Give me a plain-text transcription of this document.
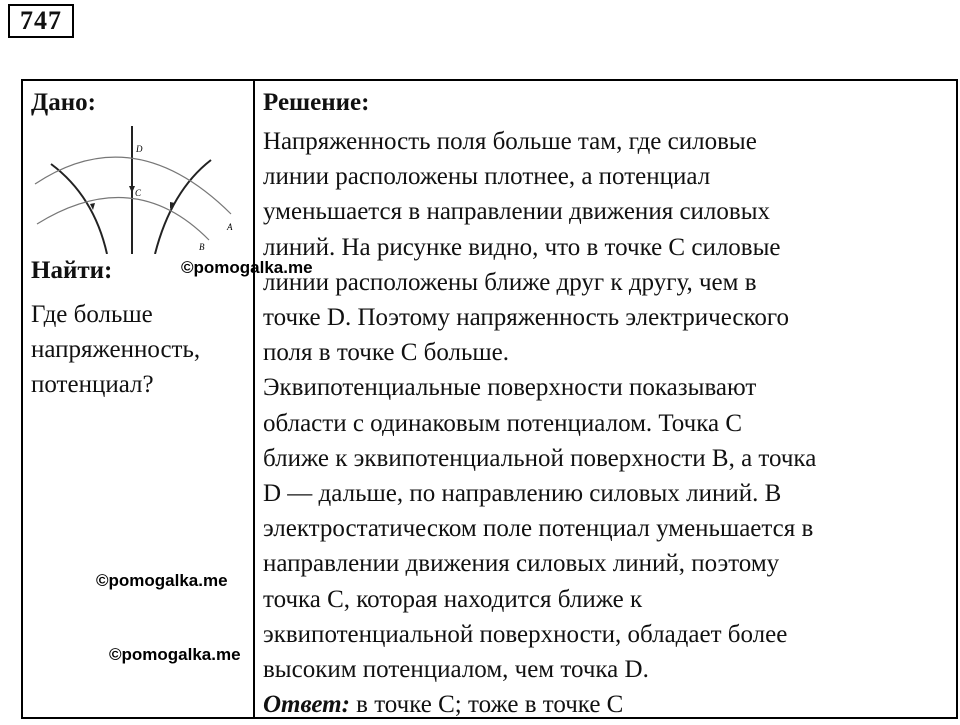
747
Дано:
D
C
A
B
Найти:
Где больше
напряженность,
потенциал?
Решение:
Напряженность поля больше там, где силовые
линии расположены плотнее, а потенциал
уменьшается в направлении движения силовых
линий. На рисунке видно, что в точке С силовые
линии расположены ближе друг к другу, чем в
точке D. Поэтому напряженность электрического
поля в точке С больше.
Эквипотенциальные поверхности показывают
области с одинаковым потенциалом. Точка С
ближе к эквипотенциальной поверхности В, а точка
D — дальше, по направлению силовых линий. В
электростатическом поле потенциал уменьшается в
направлении движения силовых линий, поэтому
точка С, которая находится ближе к
эквипотенциальной поверхности, обладает более
высоким потенциалом, чем точка D.
Ответ: в точке С; тоже в точке С
©pomogalka.me
©pomogalka.me
©pomogalka.me
